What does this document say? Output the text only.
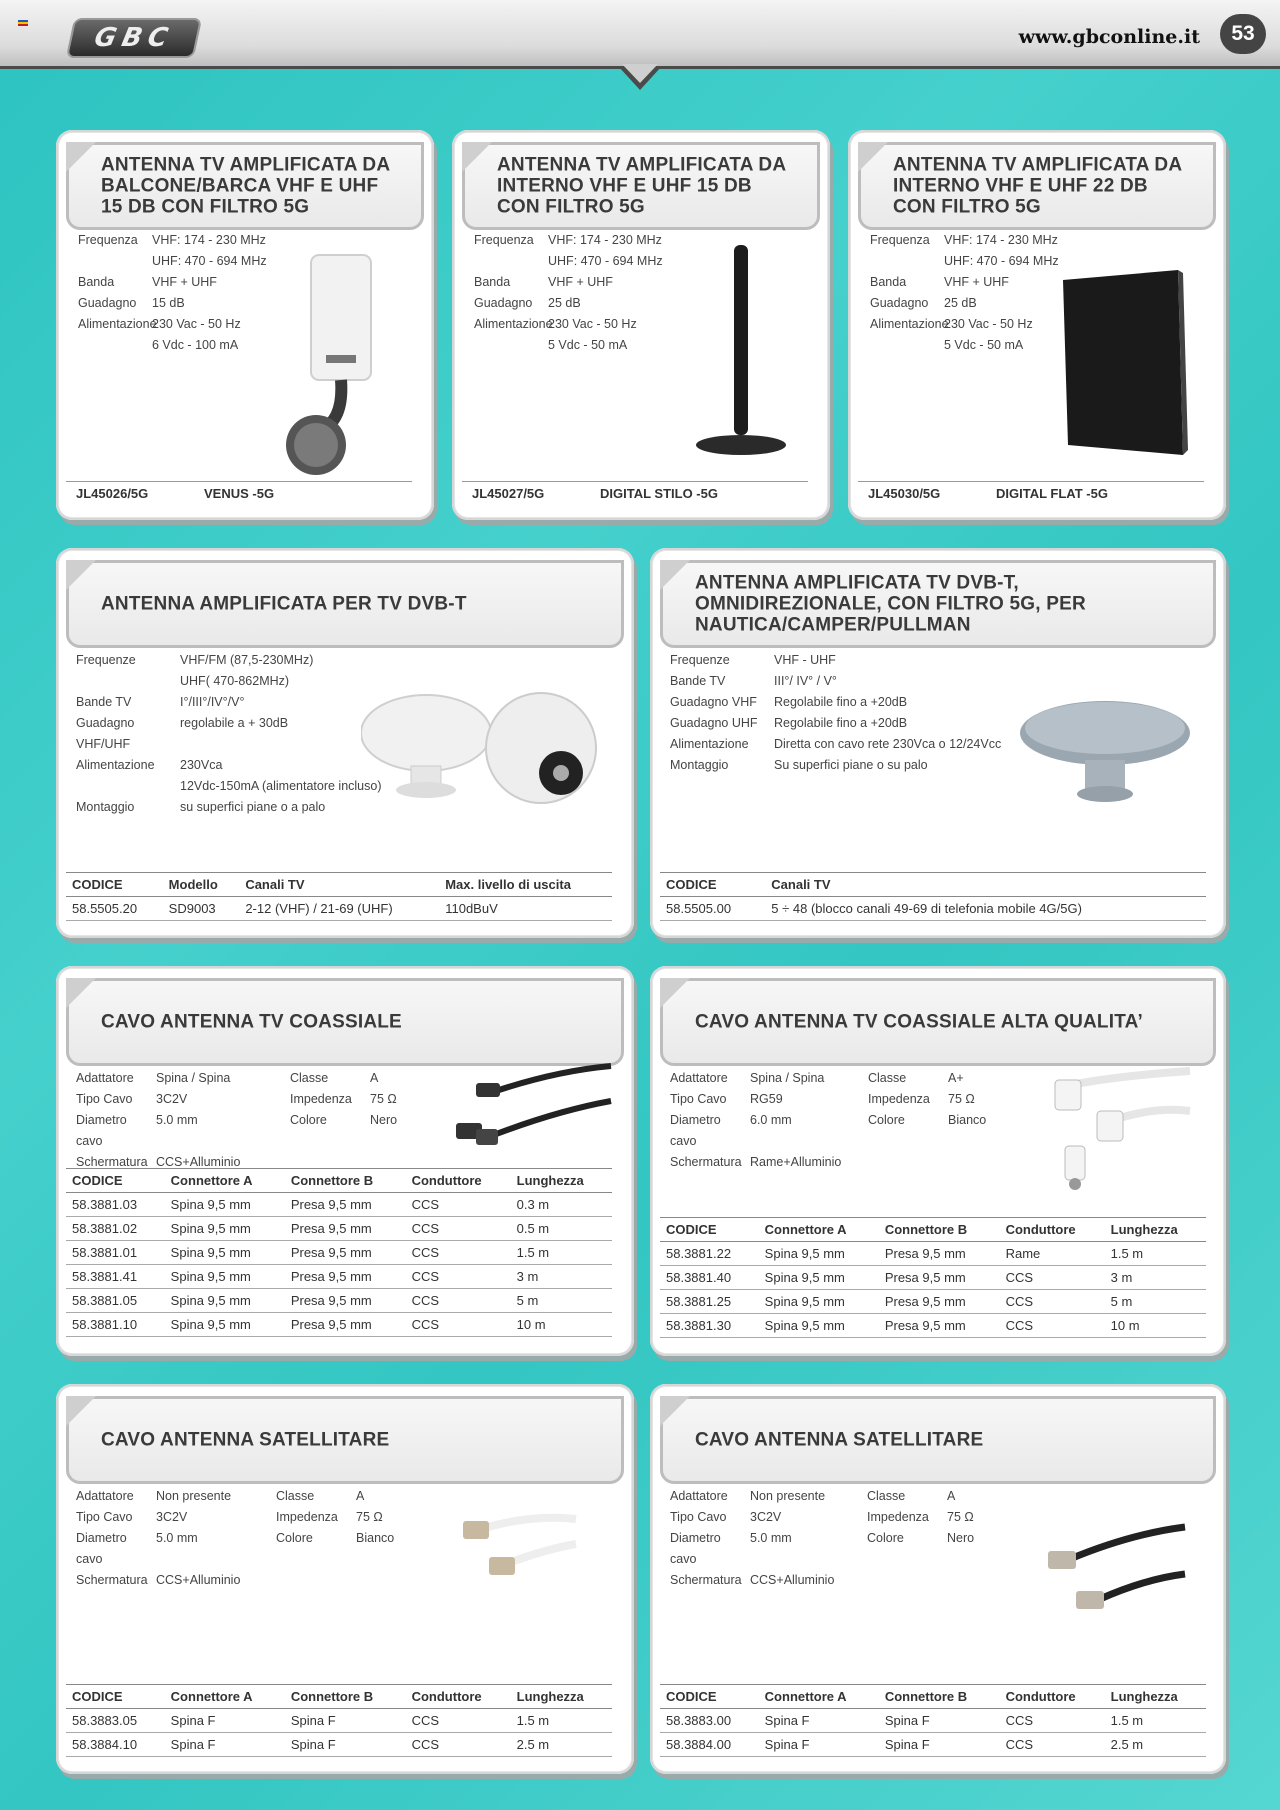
GBC	www.gbconline.it	53
ANTENNA TV AMPLIFICATA DA BALCONE/BARCA VHF E UHF 15 DB CON FILTRO 5G
Frequenza	VHF: 174 - 230 MHz
UHF: 470 - 694 MHz
Banda	VHF + UHF
Guadagno	15 dB
Alimentazione
230 Vac - 50 Hz
6 Vdc - 100 mA
JL45026/5G	VENUS -5G
ANTENNA TV AMPLIFICATA DA INTERNO VHF E UHF 15 DB CON FILTRO 5G
Frequenza	VHF: 174 - 230 MHz
UHF: 470 - 694 MHz
Banda	VHF + UHF
Guadagno	25 dB
Alimentazione
230 Vac - 50 Hz
5 Vdc - 50 mA
JL45027/5G	DIGITAL STILO -5G
ANTENNA TV AMPLIFICATA DA INTERNO VHF E UHF 22 DB CON FILTRO 5G
Frequenza	VHF: 174 - 230 MHz
UHF: 470 - 694 MHz
Banda	VHF + UHF
Guadagno	25 dB
Alimentazione
230 Vac - 50 Hz
5 Vdc - 50 mA
JL45030/5G	DIGITAL FLAT -5G
ANTENNA AMPLIFICATA PER TV DVB-T
Frequenze	VHF/FM (87,5-230MHz)
UHF( 470-862MHz)
Bande TV	I°/III°/IV°/V°
Guadagno VHF/UHF
regolabile a + 30dB
Alimentazione	230Vca
12Vdc-150mA (alimentatore incluso)
Montaggio	su superfici piane o a palo
CODICE	Modello	Canali TV	Max. livello di uscita
58.5505.20	SD9003	2-12 (VHF) / 21-69 (UHF)	110dBuV
ANTENNA AMPLIFICATA TV DVB-T, OMNIDIREZIONALE, CON FILTRO 5G, PER NAUTICA/CAMPER/PULLMAN
Frequenze	VHF - UHF
Bande TV	III°/ IV° / V°
Guadagno VHF	Regolabile fino a +20dB
Guadagno UHF	Regolabile fino a +20dB
Alimentazione	Diretta con cavo rete 230Vca o 12/24Vcc
Montaggio	Su superfici piane o su palo
CODICE	Canali TV
58.5505.00	5 ÷ 48 (blocco canali 49-69 di telefonia mobile 4G/5G)
CAVO ANTENNA TV COASSIALE
Adattatore	Spina / Spina
Tipo Cavo	3C2V
Diametro cavo
5.0 mm
Schermatura CCS+Alluminio
Classe	A
Impedenza	75 Ω
Colore	Nero
CODICE	Connettore A	Connettore B	Conduttore	Lunghezza
58.3881.03	Spina 9,5 mm	Presa 9,5 mm	CCS	0.3 m
58.3881.02	Spina 9,5 mm	Presa 9,5 mm	CCS	0.5 m
58.3881.01	Spina 9,5 mm	Presa 9,5 mm	CCS	1.5 m
58.3881.41	Spina 9,5 mm	Presa 9,5 mm	CCS	3 m
58.3881.05	Spina 9,5 mm	Presa 9,5 mm	CCS	5 m
58.3881.10	Spina 9,5 mm	Presa 9,5 mm	CCS	10 m
CAVO ANTENNA TV COASSIALE ALTA QUALITA’
Adattatore	Spina / Spina
Tipo Cavo	RG59
Diametro cavo
6.0 mm
Schermatura Rame+Alluminio
Classe	A+
Impedenza	75 Ω
Colore	Bianco
CODICE	Connettore A	Connettore B	Conduttore	Lunghezza
58.3881.22	Spina 9,5 mm	Presa 9,5 mm	Rame	1.5 m
58.3881.40	Spina 9,5 mm	Presa 9,5 mm	CCS	3 m
58.3881.25	Spina 9,5 mm	Presa 9,5 mm	CCS	5 m
58.3881.30	Spina 9,5 mm	Presa 9,5 mm	CCS	10 m
CAVO ANTENNA SATELLITARE
Adattatore	Non presente
Tipo Cavo	3C2V
Diametro cavo
5.0 mm
Schermatura CCS+Alluminio
Classe	A
Impedenza	75 Ω
Colore	Bianco
CODICE	Connettore A	Connettore B	Conduttore	Lunghezza
58.3883.05	Spina F	Spina F	CCS	1.5 m
58.3884.10	Spina F	Spina F	CCS	2.5 m
CAVO ANTENNA SATELLITARE
Adattatore	Non presente
Tipo Cavo	3C2V
Diametro cavo
5.0 mm
Schermatura CCS+Alluminio
Classe	A
Impedenza	75 Ω
Colore	Nero
CODICE	Connettore A	Connettore B	Conduttore	Lunghezza
58.3883.00	Spina F	Spina F	CCS	1.5 m
58.3884.00	Spina F	Spina F	CCS	2.5 m
